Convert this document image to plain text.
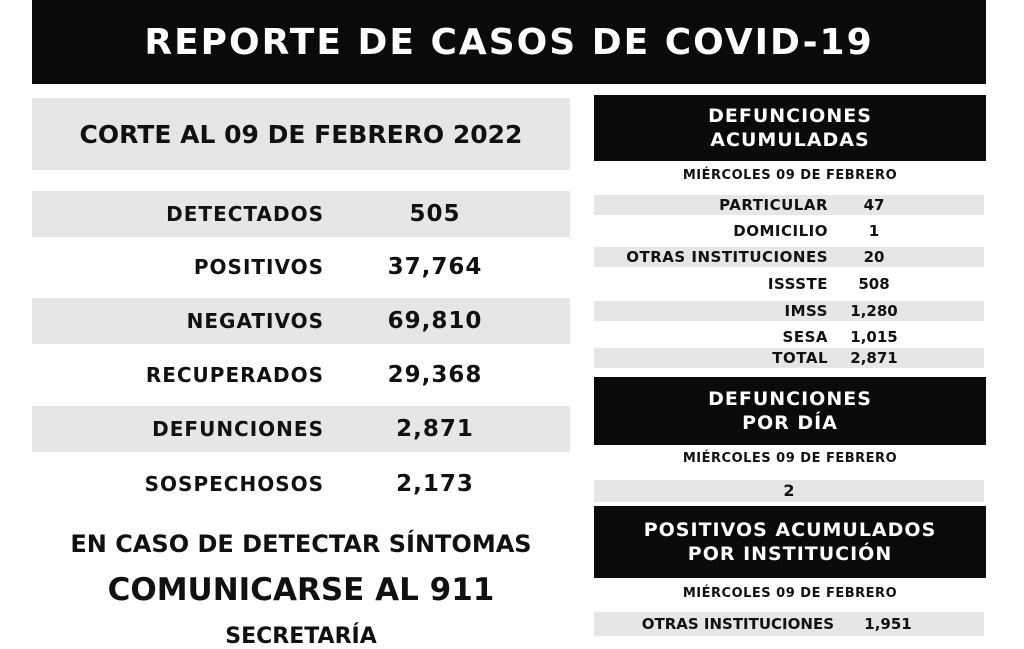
REPORTE DE CASOS DE COVID-19
CORTE AL 09 DE FEBRERO 2022
DETECTADOS	505
POSITIVOS	37,764
NEGATIVOS	69,810
RECUPERADOS	29,368
DEFUNCIONES	2,871
SOSPECHOSOS	2,173
EN CASO DE DETECTAR SÍNTOMAS
COMUNICARSE AL 911
SECRETARÍA
DEFUNCIONES
ACUMULADAS
MIÉRCOLES 09 DE FEBRERO
PARTICULAR	47
DOMICILIO	1
OTRAS INSTITUCIONES	20
ISSSTE	508
IMSS	1,280
SESA	1,015
TOTAL	2,871
DEFUNCIONES
POR DÍA
MIÉRCOLES 09 DE FEBRERO
2
POSITIVOS ACUMULADOS
POR INSTITUCIÓN
MIÉRCOLES 09 DE FEBRERO
OTRAS INSTITUCIONES	1,951
